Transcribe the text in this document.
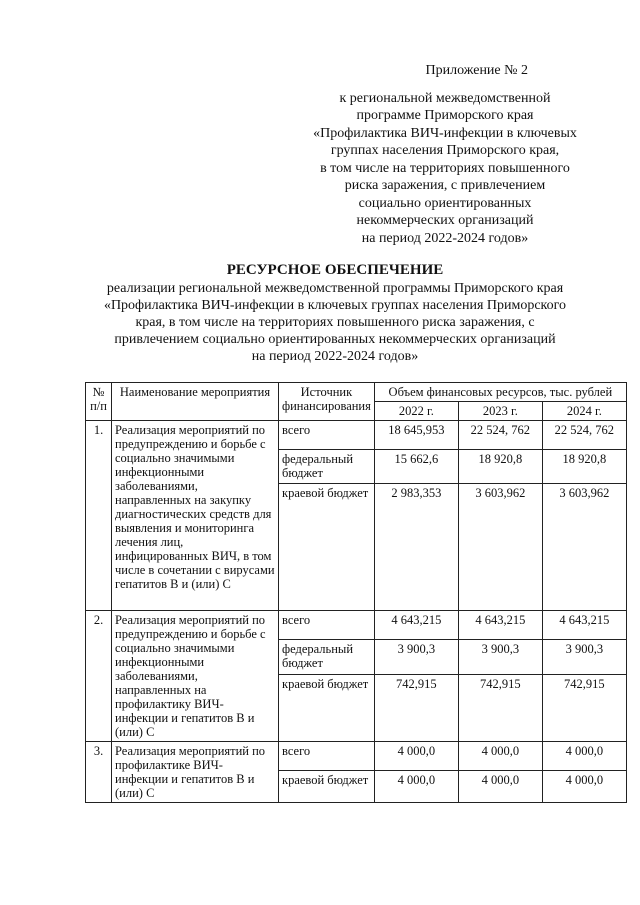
Приложение № 2
к региональной межведомственной
программе Приморского края
«Профилактика ВИЧ-инфекции в ключевых
группах населения Приморского края,
в том числе на территориях повышенного
риска заражения, с привлечением
социально ориентированных
некоммерческих организаций
на период 2022-2024 годов»
РЕСУРСНОЕ ОБЕСПЕЧЕНИЕ
реализации региональной межведомственной программы Приморского края
«Профилактика ВИЧ-инфекции в ключевых группах населения Приморского
края, в том числе на территориях повышенного риска заражения, с
привлечением социально ориентированных некоммерческих организаций
на период 2022-2024 годов»
№ п/п	Наименование мероприятия	Источник финансирования	Объем финансовых ресурсов, тыс. рублей		
			2022 г.	2023 г.	2024 г.
1.	Реализация мероприятий по предупреждению и борьбе с социально значимыми инфекционными заболеваниями, направленных на закупку диагностических средств для выявления и мониторинга лечения лиц, инфицированных ВИЧ, в том числе в сочетании с вирусами гепатитов В и (или) С	всего	18 645,953	22 524, 762	22 524, 762
		федеральный бюджет	15 662,6	18 920,8	18 920,8
		краевой бюджет	2 983,353	3 603,962	3 603,962
2.	Реализация мероприятий по предупреждению и борьбе с социально значимыми инфекционными заболеваниями, направленных на профилактику ВИЧ-инфекции и гепатитов В и (или) С	всего	4 643,215	4 643,215	4 643,215
		федеральный бюджет	3 900,3	3 900,3	3 900,3
		краевой бюджет	742,915	742,915	742,915
3.	Реализация мероприятий по профилактике ВИЧ-инфекции и гепатитов В и (или) С	всего	4 000,0	4 000,0	4 000,0
		краевой бюджет	4 000,0	4 000,0	4 000,0
